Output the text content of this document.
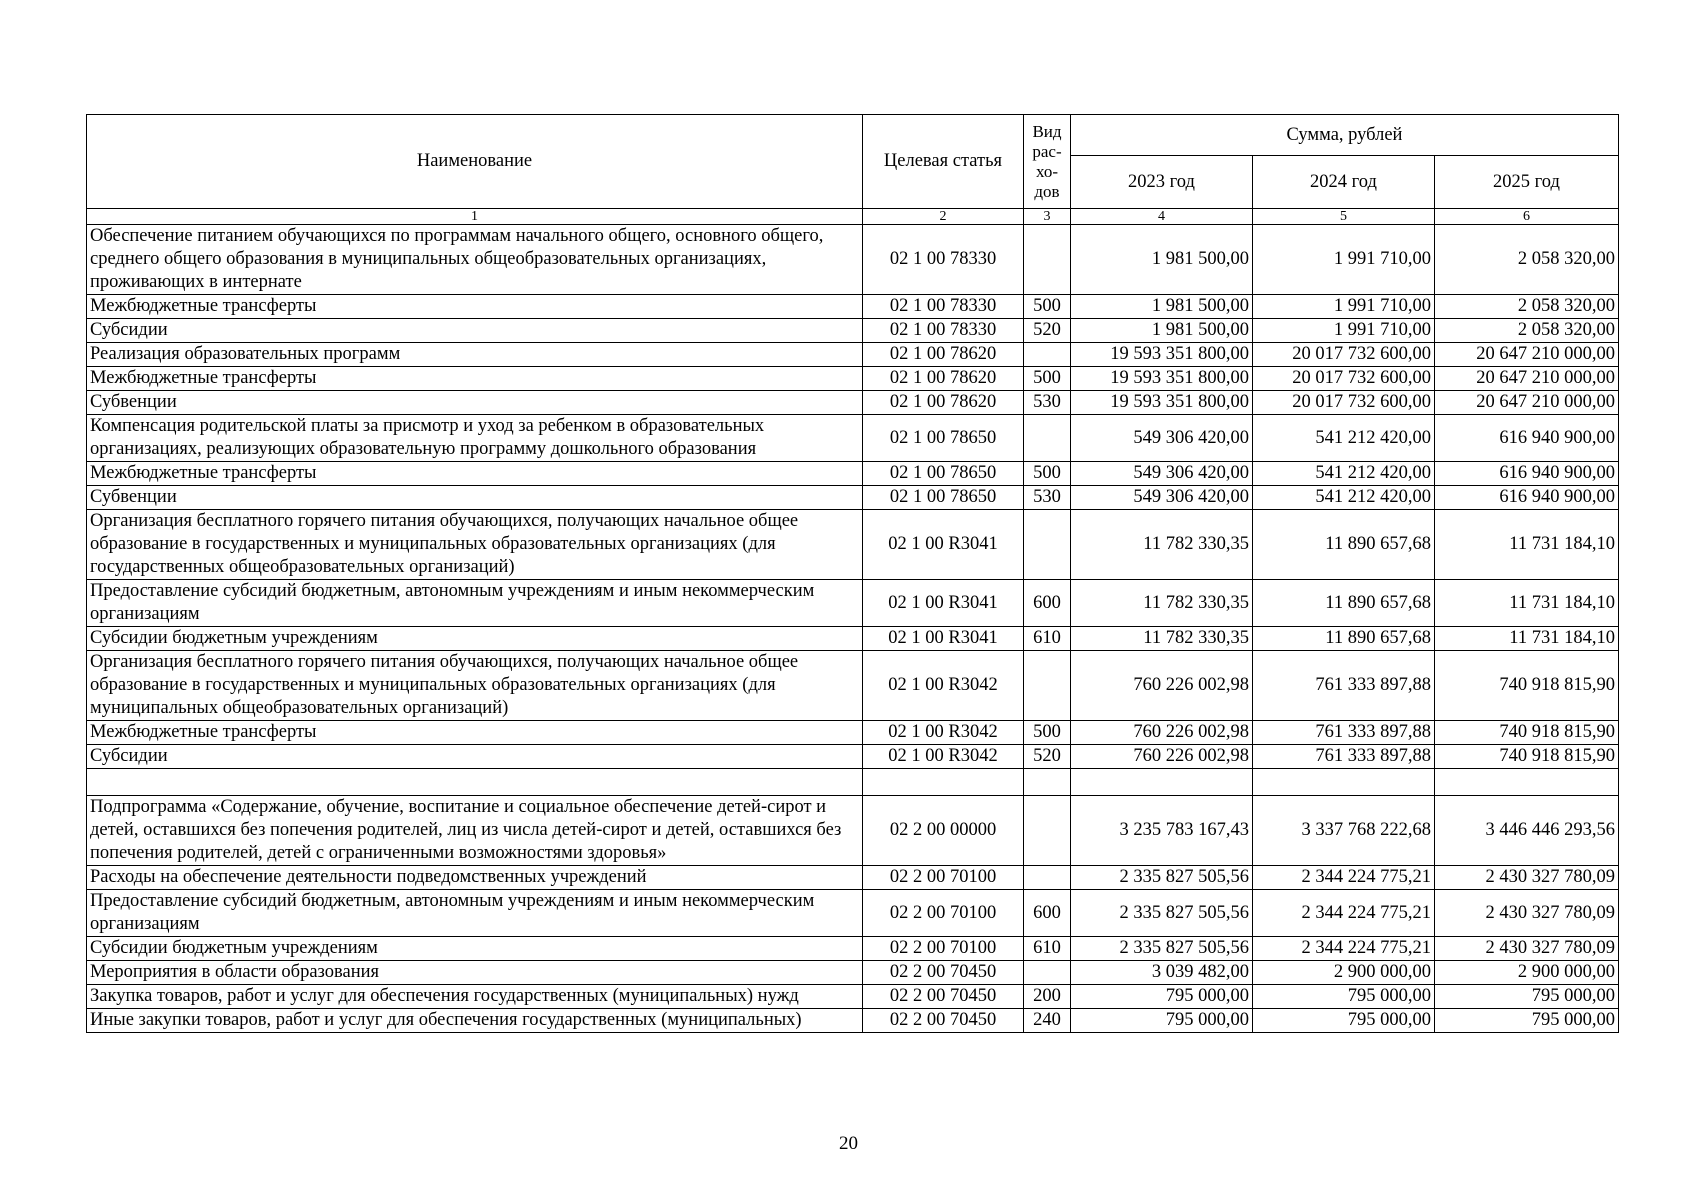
Наименование	Целевая статья	Вид рас- хо- дов	Сумма, рублей		
			2023 год	2024 год	2025 год
1	2	3	4	5	6
Обеспечение питанием обучающихся по программам начального общего, основного общего, среднего общего образования в муниципальных общеобразовательных организациях, проживающих в интернате	02 1 00 78330		1 981 500,00	1 991 710,00	2 058 320,00
Межбюджетные трансферты	02 1 00 78330	500	1 981 500,00	1 991 710,00	2 058 320,00
Субсидии	02 1 00 78330	520	1 981 500,00	1 991 710,00	2 058 320,00
Реализация образовательных программ	02 1 00 78620		19 593 351 800,00	20 017 732 600,00	20 647 210 000,00
Межбюджетные трансферты	02 1 00 78620	500	19 593 351 800,00	20 017 732 600,00	20 647 210 000,00
Субвенции	02 1 00 78620	530	19 593 351 800,00	20 017 732 600,00	20 647 210 000,00
Компенсация родительской платы за присмотр и уход за ребенком в образовательных организациях, реализующих образовательную программу дошкольного образования	02 1 00 78650		549 306 420,00	541 212 420,00	616 940 900,00
Межбюджетные трансферты	02 1 00 78650	500	549 306 420,00	541 212 420,00	616 940 900,00
Субвенции	02 1 00 78650	530	549 306 420,00	541 212 420,00	616 940 900,00
Организация бесплатного горячего питания обучающихся, получающих начальное общее образование в государственных и муниципальных образовательных организациях (для государственных общеобразовательных организаций)	02 1 00 R3041		11 782 330,35	11 890 657,68	11 731 184,10
Предоставление субсидий бюджетным, автономным учреждениям и иным некоммерческим организациям	02 1 00 R3041	600	11 782 330,35	11 890 657,68	11 731 184,10
Субсидии бюджетным учреждениям	02 1 00 R3041	610	11 782 330,35	11 890 657,68	11 731 184,10
Организация бесплатного горячего питания обучающихся, получающих начальное общее образование в государственных и муниципальных образовательных организациях (для муниципальных общеобразовательных организаций)	02 1 00 R3042		760 226 002,98	761 333 897,88	740 918 815,90
Межбюджетные трансферты	02 1 00 R3042	500	760 226 002,98	761 333 897,88	740 918 815,90
Субсидии	02 1 00 R3042	520	760 226 002,98	761 333 897,88	740 918 815,90

Подпрограмма «Содержание, обучение, воспитание и социальное обеспечение детей-сирот и детей, оставшихся без попечения родителей, лиц из числа детей-сирот и детей, оставшихся без попечения родителей, детей с ограниченными возможностями здоровья»	02 2 00 00000		3 235 783 167,43	3 337 768 222,68	3 446 446 293,56
Расходы на обеспечение деятельности подведомственных учреждений	02 2 00 70100		2 335 827 505,56	2 344 224 775,21	2 430 327 780,09
Предоставление субсидий бюджетным, автономным учреждениям и иным некоммерческим организациям	02 2 00 70100	600	2 335 827 505,56	2 344 224 775,21	2 430 327 780,09
Субсидии бюджетным учреждениям	02 2 00 70100	610	2 335 827 505,56	2 344 224 775,21	2 430 327 780,09
Мероприятия в области образования	02 2 00 70450		3 039 482,00	2 900 000,00	2 900 000,00
Закупка товаров, работ и услуг для обеспечения государственных (муниципальных) нужд	02 2 00 70450	200	795 000,00	795 000,00	795 000,00
Иные закупки товаров, работ и услуг для обеспечения государственных (муниципальных)	02 2 00 70450	240	795 000,00	795 000,00	795 000,00
20
